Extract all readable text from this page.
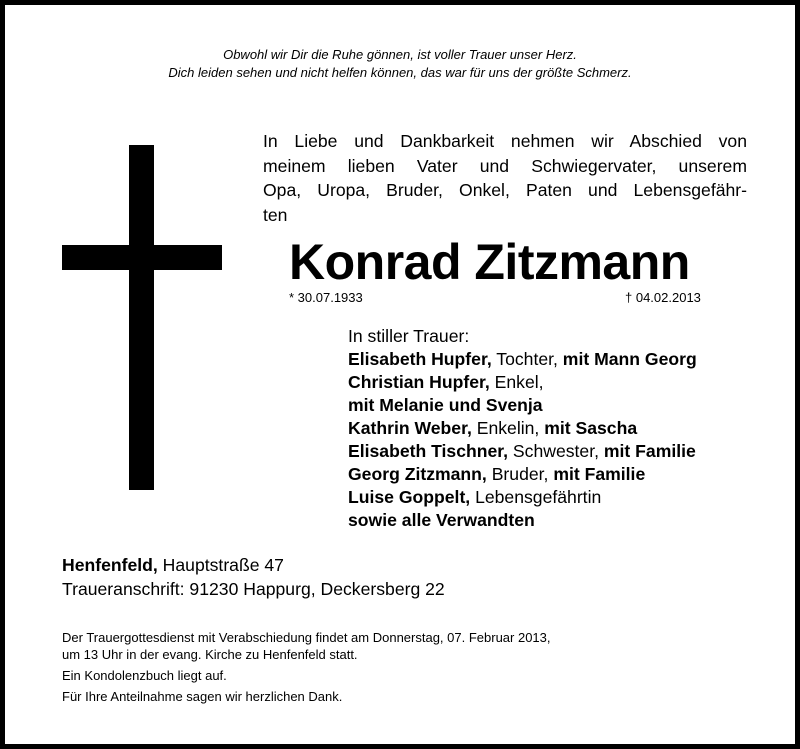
Obwohl wir Dir die Ruhe gönnen, ist voller Trauer unser Herz.
Dich leiden sehen und nicht helfen können, das war für uns der größte Schmerz.
In Liebe und Dankbarkeit nehmen wir Abschied von
meinem lieben Vater und Schwiegervater, unserem
Opa, Uropa, Bruder, Onkel, Paten und Lebensgefähr-
ten
Konrad Zitzmann
* 30.07.1933	† 04.02.2013
In stiller Trauer:
Elisabeth Hupfer, Tochter, mit Mann Georg
Christian Hupfer, Enkel,
mit Melanie und Svenja
Kathrin Weber, Enkelin, mit Sascha
Elisabeth Tischner, Schwester, mit Familie
Georg Zitzmann, Bruder, mit Familie
Luise Goppelt, Lebensgefährtin
sowie alle Verwandten
Henfenfeld, Hauptstraße 47
Traueranschrift: 91230 Happurg, Deckersberg 22
Der Trauergottesdienst mit Verabschiedung findet am Donnerstag, 07. Februar 2013,
um 13 Uhr in der evang. Kirche zu Henfenfeld statt.
Ein Kondolenzbuch liegt auf.
Für Ihre Anteilnahme sagen wir herzlichen Dank.
